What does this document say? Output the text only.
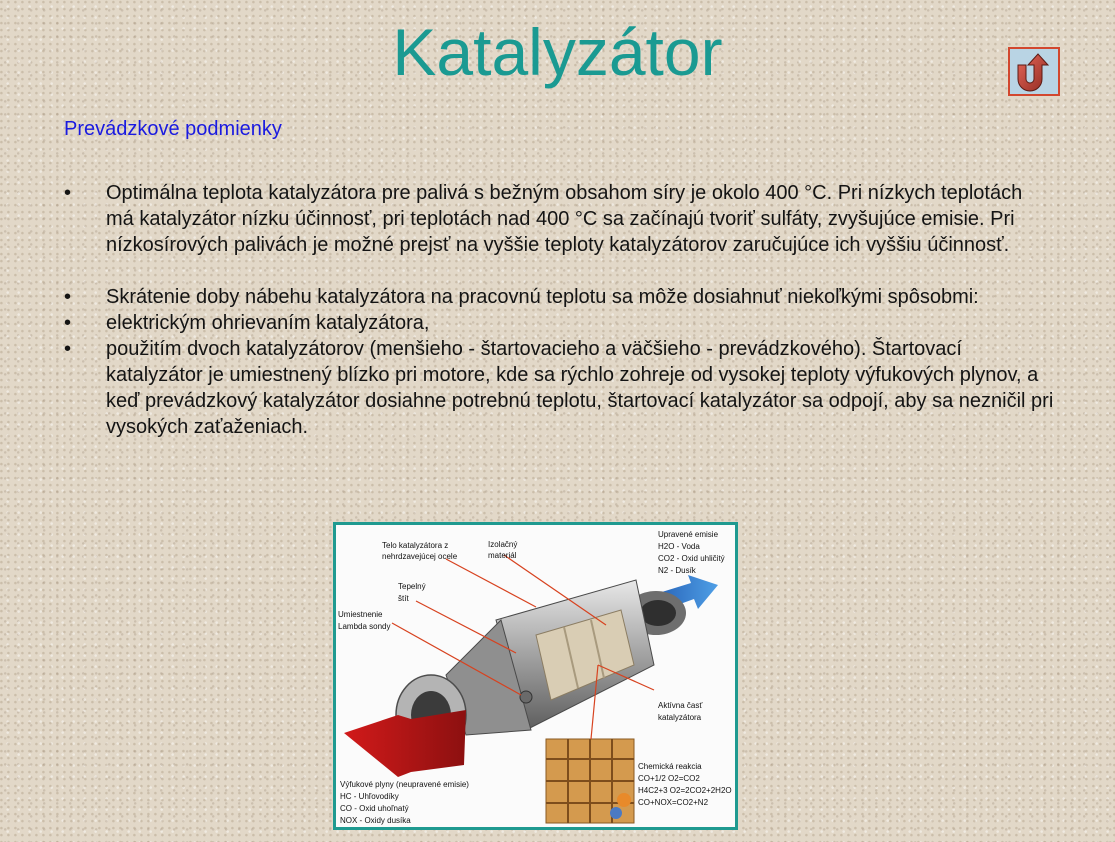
Katalyzátor
Prevádzkové podmienky
• Optimálna teplota katalyzátora pre palivá s bežným obsahom síry je okolo 400 °C. Pri nízkych teplotách má katalyzátor nízku účinnosť, pri teplotách nad 400 °C sa začínajú tvoriť sulfáty, zvyšujúce emisie. Pri nízkosírových palivách je možné prejsť na vyššie teploty katalyzátorov zaručujúce ich vyššiu účinnosť.
• Skrátenie doby nábehu katalyzátora na pracovnú teplotu sa môže dosiahnuť niekoľkými spôsobmi:
• elektrickým ohrievaním katalyzátora,
• použitím dvoch katalyzátorov (menšieho - štartovacieho a väčšieho - prevádzkového). Štartovací katalyzátor je umiestnený blízko pri motore, kde sa rýchlo zohreje od vysokej teploty výfukových plynov, a keď prevádzkový katalyzátor dosiahne potrebnú teplotu, štartovací katalyzátor sa odpojí, aby sa nezničil pri vysokých zaťaženiach.
Telo katalyzátora z nehrdzavejúcej ocele
Izolačný materiál
Tepelný štít
Umiestnenie Lambda sondy
Upravené emisie H2O - Voda CO2 - Oxid uhličitý N2 - Dusík
Aktívna časť katalyzátora
Chemická reakcia CO+1/2 O2=CO2 H4C2+3 O2=2CO2+2H2O CO+NOX=CO2+N2
Výfukové plyny (neupravené emisie) HC - Uhľovodíky CO - Oxid uhoľnatý NOX - Oxidy dusíka
